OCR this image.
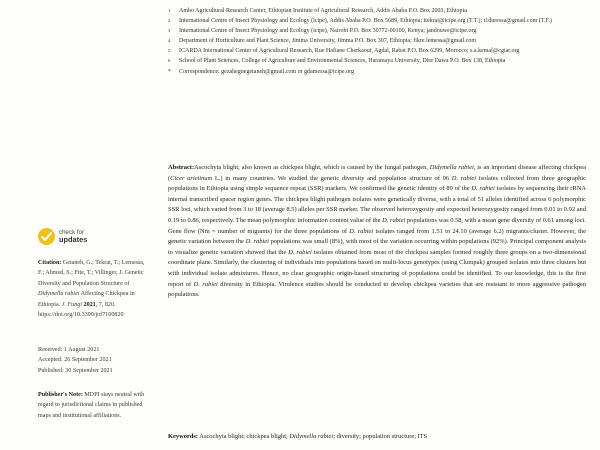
check for
updates
Citation: Getaneh, G.; Tekrai, T.; Lemessa, F.; Ahmed, S.; Fite, T.; Villinger, J. Genetic Diversity and Population Structure of Didymella rabiei Affecting Chickpea in Ethiopia. J. Fungi 2021, 7, 820. https://doi.org/10.3390/jof7100820
Received: 1 August 2021
Accepted: 26 September 2021
Published: 30 September 2021
Publisher's Note: MDPI stays neutral with regard to jurisdictional claims in published maps and institutional affiliations.
1	Ambo Agricultural Research Center, Ethiopian Institute of Agricultural Research, Addis Ababa P.O. Box 2003, Ethiopia
2	International Centre of Insect Physiology and Ecology (icipe), Addis Ababa P.O. Box 5689, Ethiopia; ttekrai@icipe.org (T.T.); t1duressa@gmail.com (T.F.)
3	International Centre of Insect Physiology and Ecology (icipe), Nairobi P.O. Box 30772-00100, Kenya; jandouwe@icipe.org
4	Department of Horticulture and Plant Science, Jimma University, Jimma P.O. Box 307, Ethiopia; fikre.lemessa@gmail.com
5	ICARDA International Center of Agricultural Research, Rue Hafiane Cherkaoui, Agdal, Rabat P.O. Box 6299, Morocco; s.a.kemal@cgiar.org
6	School of Plant Sciences, College of Agriculture and Environmental Sciences, Haramaya University, Dire Dawa P.O. Box 138, Ethiopia
*	Correspondence: gezahegnegetaneh@gmail.com or gdamessa@icipe.org
Abstract:Ascochyta blight, also known as chickpea blight, which is caused by the fungal pathogen, Didymella rabiei, is an important disease affecting chickpea (Cicer arietinum L.) in many countries. We studied the genetic diversity and population structure of 96 D. rabiei isolates collected from three geographic populations in Ethiopia using simple sequence repeat (SSR) markers. We confirmed the genetic identity of 89 of the D. rabiei isolates by sequencing their rRNA internal transcribed spacer region genes. The chickpea blight pathogen isolates were genetically diverse, with a total of 51 alleles identified across 6 polymorphic SSR loci, which varied from 3 to 18 (average 8.5) alleles per SSR marker. The observed heterozygosity and expected heterozygosity ranged from 0.01 to 0.92 and 0.19 to 0.86, respectively. The mean polymorphic information content value of the D. rabiei populations was 0.58, with a mean gene diversity of 0.61 among loci. Gene flow (Nm = number of migrants) for the three populations of D. rabiei isolates ranged from 1.51 to 24.10 (average 6.2) migrants/cluster. However, the genetic variation between the D. rabiei populations was small (8%), with most of the variation occurring within populations (92%). Principal component analysis to visualize genetic variation showed that the D. rabiei isolates obtained from most of the chickpea samples formed roughly three groups on a two-dimensional coordinate plane. Similarly, the clustering of individuals into populations based on multi-locus genotypes (using Clumpak) grouped isolates into three clusters but with individual isolate admixtures. Hence, no clear geographic origin-based structuring of populations could be identified. To our knowledge, this is the first report of D. rabiei diversity in Ethiopia. Virulence studies should be conducted to develop chickpea varieties that are resistant to more aggressive pathogen populations.
Keywords: Ascochyta blight; chickpea blight; Didymella rabiei; diversity; population structure; ITS
